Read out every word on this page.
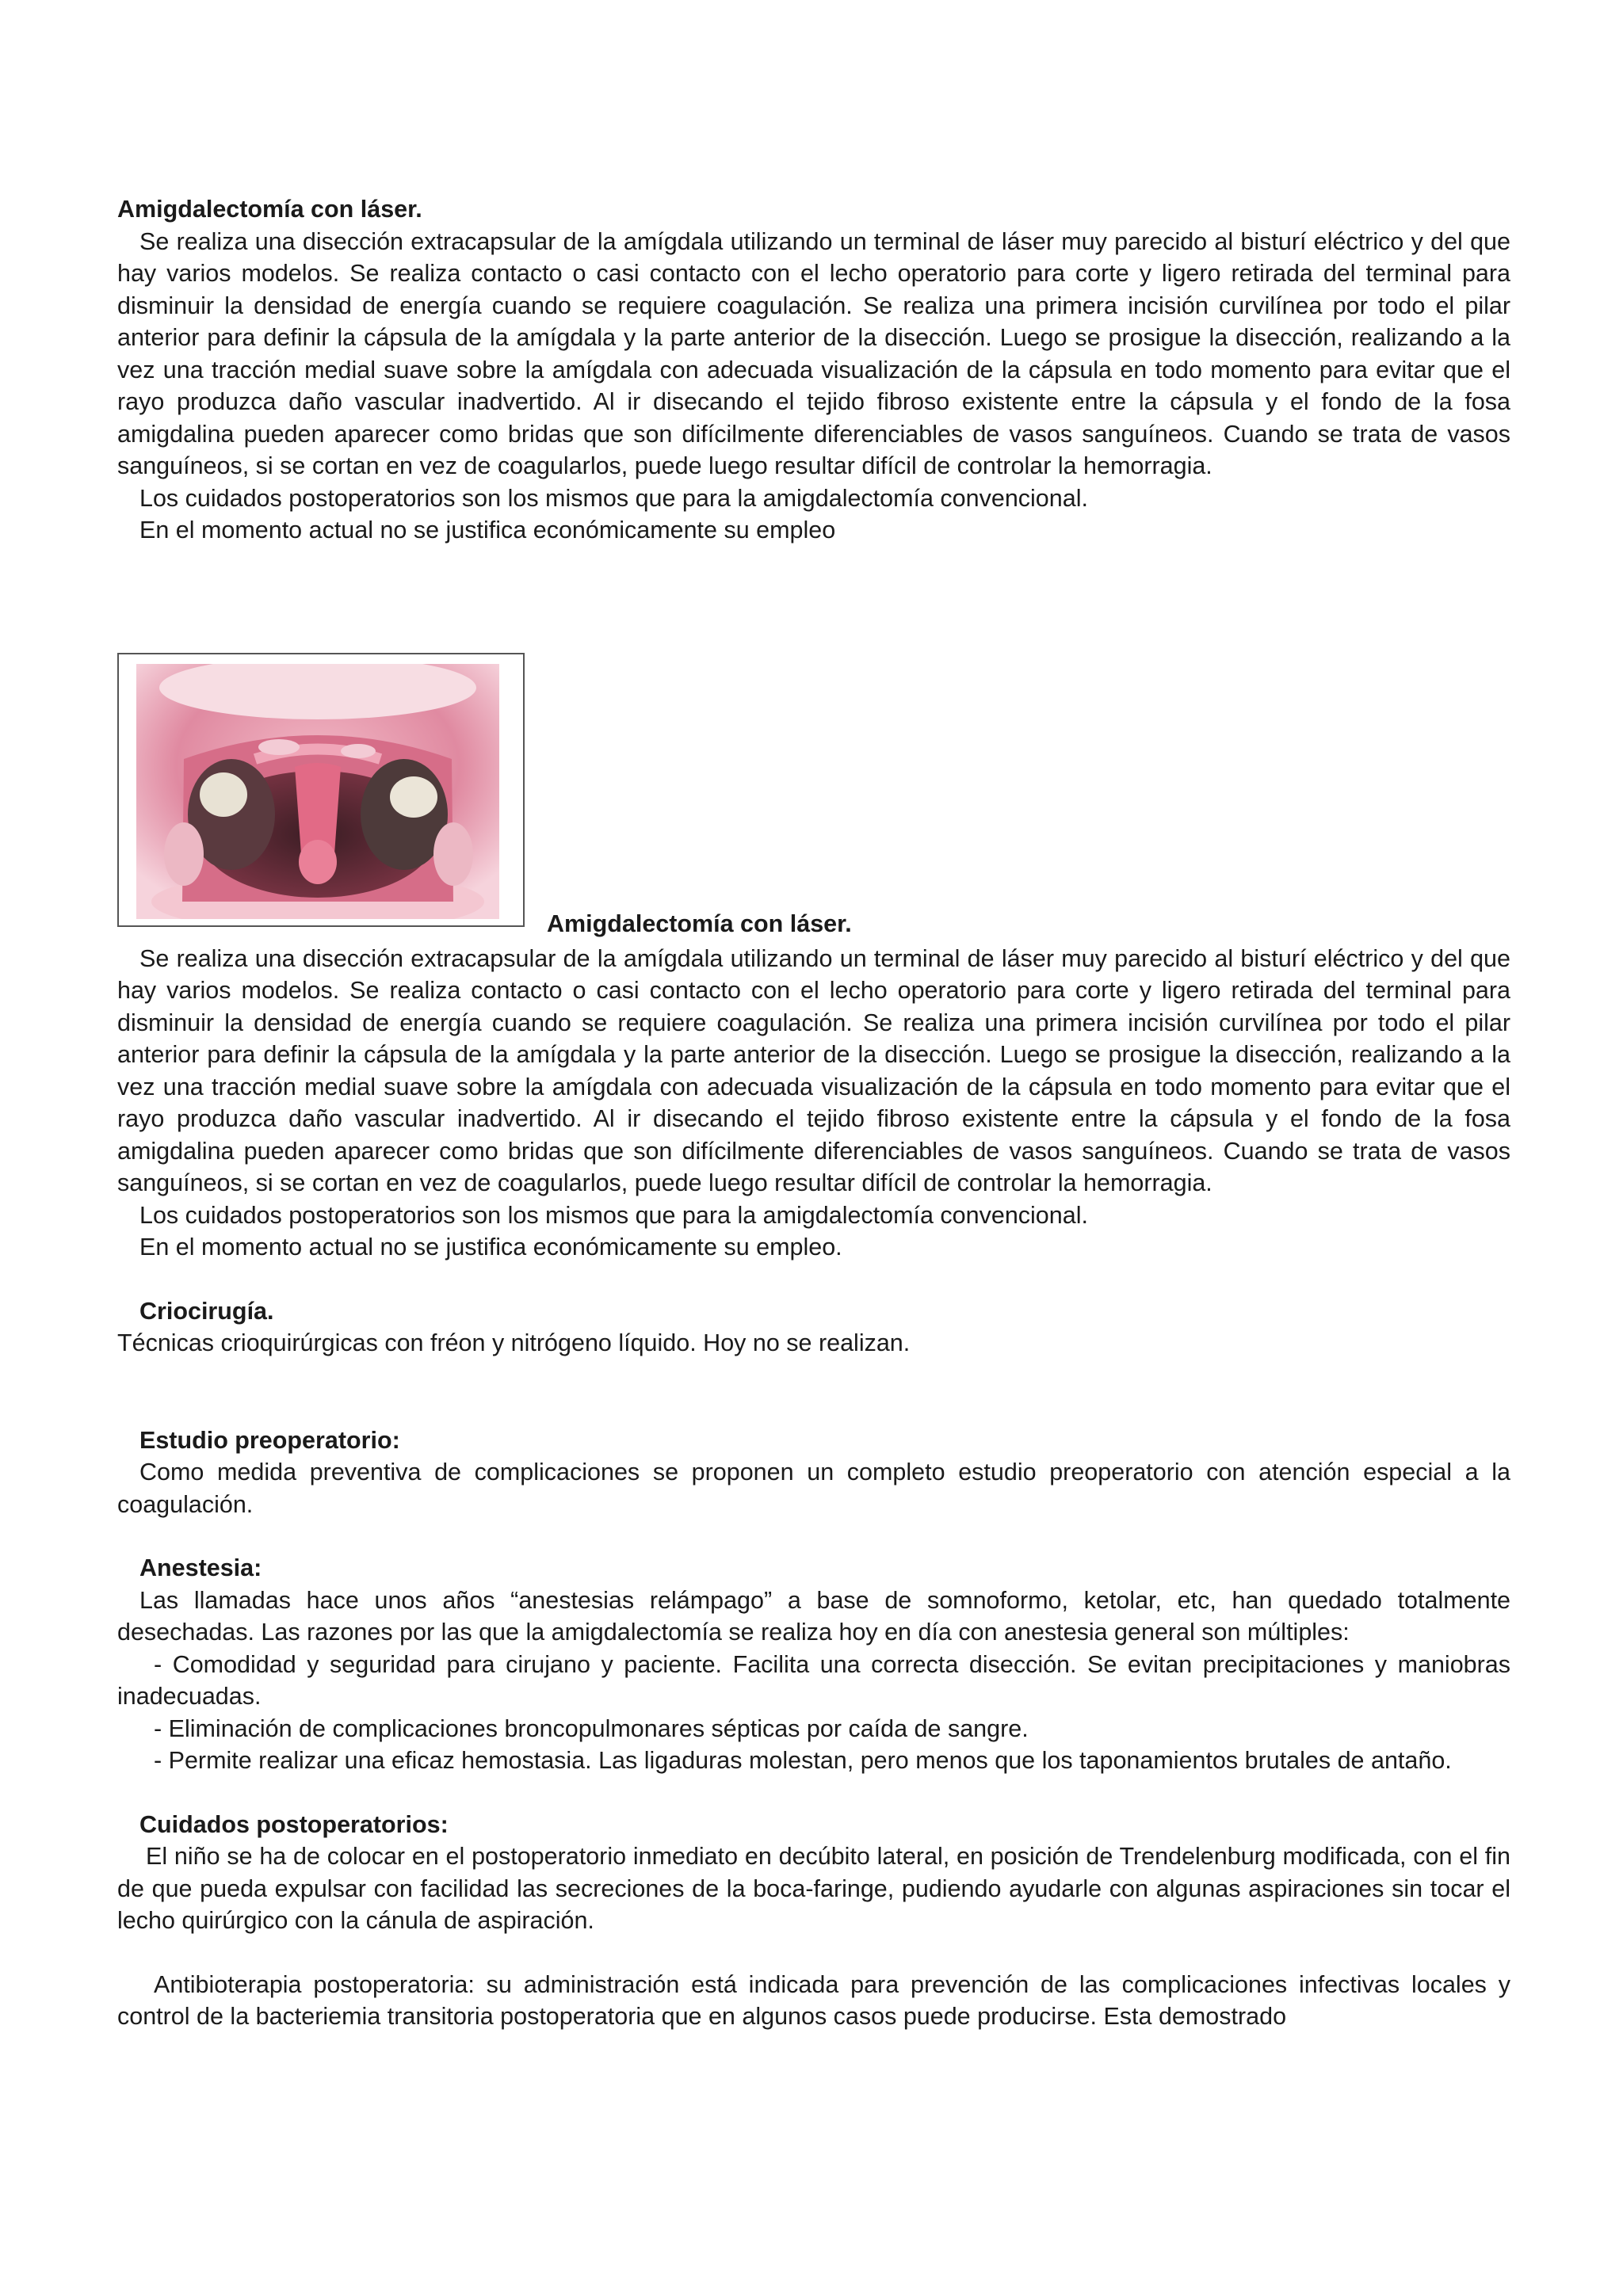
Amigdalectomía con láser.

Se realiza una disección extracapsular de la amígdala utilizando un terminal de láser muy parecido al bisturí eléctrico y del que hay varios modelos. Se realiza contacto o casi contacto con el lecho operatorio para corte y ligero retirada del terminal para disminuir la densidad de energía cuando se requiere coagulación. Se realiza una primera incisión curvilínea por todo el pilar anterior para definir la cápsula de la amígdala y la parte anterior de la disección. Luego se prosigue la disección, realizando a la vez una tracción medial suave sobre la amígdala con adecuada visualización de la cápsula en todo momento para evitar que el rayo produzca daño vascular inadvertido. Al ir disecando el tejido fibroso existente entre la cápsula y el fondo de la fosa amigdalina pueden aparecer como bridas que son difícilmente diferenciables de vasos sanguíneos. Cuando se trata de vasos sanguíneos, si se cortan en vez de coagularlos, puede luego resultar difícil de controlar la hemorragia.

Los cuidados postoperatorios son los mismos que para la amigdalectomía convencional.

En el momento actual no se justifica económicamente su empleo

Amigdalectomía con láser.

Se realiza una disección extracapsular de la amígdala utilizando un terminal de láser muy parecido al bisturí eléctrico y del que hay varios modelos. Se realiza contacto o casi contacto con el lecho operatorio para corte y ligero retirada del terminal para disminuir la densidad de energía cuando se requiere coagulación. Se realiza una primera incisión curvilínea por todo el pilar anterior para definir la cápsula de la amígdala y la parte anterior de la disección. Luego se prosigue la disección, realizando a la vez una tracción medial suave sobre la amígdala con adecuada visualización de la cápsula en todo momento para evitar que el rayo produzca daño vascular inadvertido. Al ir disecando el tejido fibroso existente entre la cápsula y el fondo de la fosa amigdalina pueden aparecer como bridas que son difícilmente diferenciables de vasos sanguíneos. Cuando se trata de vasos sanguíneos, si se cortan en vez de coagularlos, puede luego resultar difícil de controlar la hemorragia.

Los cuidados postoperatorios son los mismos que para la amigdalectomía convencional.

En el momento actual no se justifica económicamente su empleo.

Criocirugía.

Técnicas crioquirúrgicas con fréon y nitrógeno líquido. Hoy no se realizan.

Estudio preoperatorio:

Como medida preventiva de complicaciones se proponen un completo estudio preoperatorio con atención especial a la coagulación.

Anestesia:

Las llamadas hace unos años “anestesias relámpago” a base de somnoformo, ketolar, etc, han quedado totalmente desechadas. Las razones por las que la amigdalectomía se realiza hoy en día con anestesia general son múltiples:

- Comodidad y seguridad para cirujano y paciente. Facilita una correcta disección. Se evitan precipitaciones y maniobras inadecuadas.

- Eliminación de complicaciones broncopulmonares sépticas por caída de sangre.

- Permite realizar una eficaz hemostasia. Las ligaduras molestan, pero menos que los taponamientos brutales de antaño.

Cuidados postoperatorios:

El niño se ha de colocar en el postoperatorio inmediato en decúbito lateral, en posición de Trendelenburg modificada, con el fin de que pueda expulsar con facilidad las secreciones de la boca-faringe, pudiendo ayudarle con algunas aspiraciones sin tocar el lecho quirúrgico con la cánula de aspiración.

Antibioterapia postoperatoria: su administración está indicada para prevención de las complicaciones infectivas locales y control de la bacteriemia transitoria postoperatoria que en algunos casos puede producirse. Esta demostrado
